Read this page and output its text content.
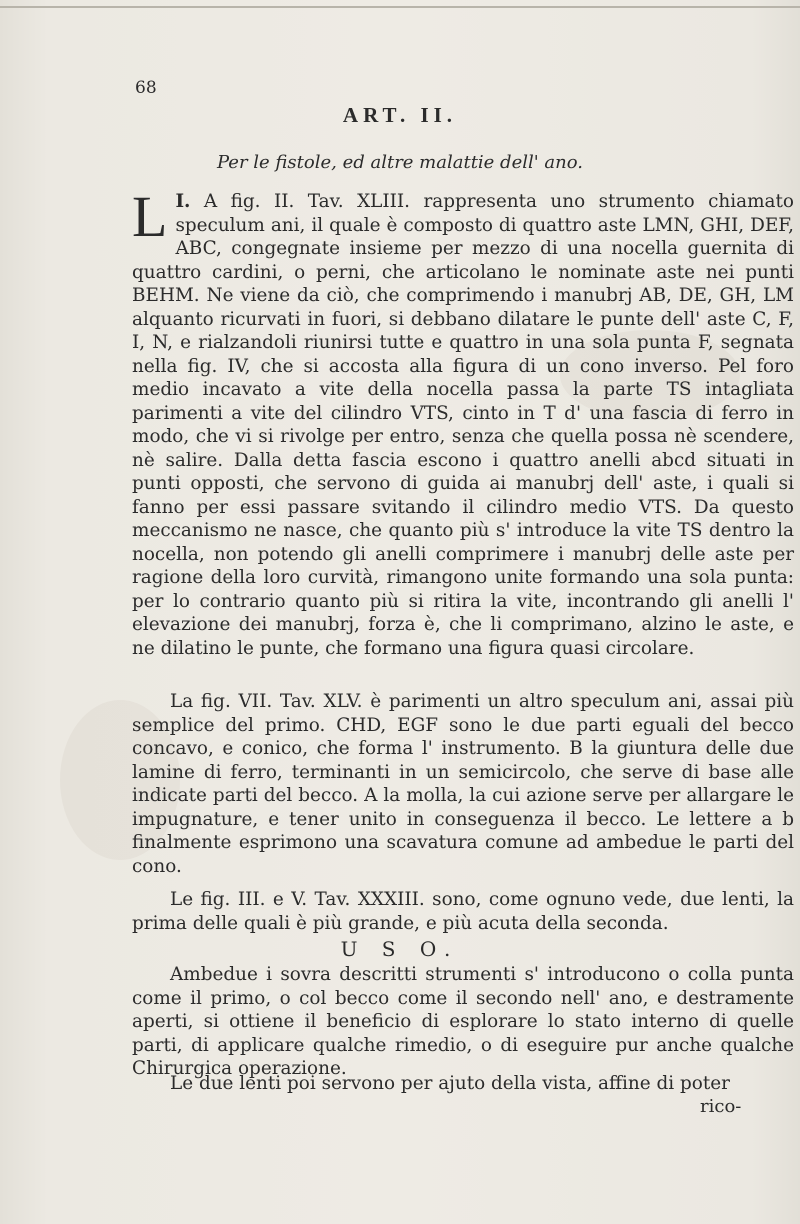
68
ART. II.
Per le fistole, ed altre malattie dell' ano.

I.
L A fig. II. Tav. XLIII. rappresenta uno strumento chiamato speculum ani, il quale è composto di quattro aste LMN, GHI, DEF, ABC, congegnate insieme per mezzo di una nocella guernita di quattro cardini, o perni, che articolano le nominate aste nei punti BEHM. Ne viene da ciò, che comprimendo i manubrj AB, DE, GH, LM alquanto ricurvati in fuori, si debbano dilatare le punte dell' aste C, F, I, N, e rialzandoli riunirsi tutte e quattro in una sola punta F, segnata nella fig. IV, che si accosta alla figura di un cono inverso. Pel foro medio incavato a vite della nocella passa la parte TS intagliata parimenti a vite del cilindro VTS, cinto in T d' una fascia di ferro in modo, che vi si rivolge per entro, senza che quella possa nè scendere, nè salire. Dalla detta fascia escono i quattro anelli abcd situati in punti opposti, che servono di guida ai manubrj dell' aste, i quali si fanno per essi passare svitando il cilindro medio VTS. Da questo meccanismo ne nasce, che quanto più s' introduce la vite TS dentro la nocella, non potendo gli anelli comprimere i manubrj delle aste per ragione della loro curvità, rimangono unite formando una sola punta: per lo contrario quanto più si ritira la vite, incontrando gli anelli l' elevazione dei manubrj, forza è, che li comprimano, alzino le aste, e ne dilatino le punte, che formano una figura quasi circolare.

La fig. VII. Tav. XLV. è parimenti un altro speculum ani, assai più semplice del primo. CHD, EGF sono le due parti eguali del becco concavo, e conico, che forma l' instrumento. B la giuntura delle due lamine di ferro, terminanti in un semicircolo, che serve di base alle indicate parti del becco. A la molla, la cui azione serve per allargare le impugnature, e tener unito in conseguenza il becco. Le lettere a b finalmente esprimono una scavatura comune ad ambedue le parti del cono.

Le fig. III. e V. Tav. XXXIII. sono, come ognuno vede, due lenti, la prima delle quali è più grande, e più acuta della seconda.

U S O.

Ambedue i sovra descritti strumenti s' introducono o colla punta come il primo, o col becco come il secondo nell' ano, e destramente aperti, si ottiene il beneficio di esplorare lo stato interno di quelle parti, di applicare qualche rimedio, o di eseguire pur anche qualche Chirurgica operazione.

Le due lenti poi servono per ajuto della vista, affine di poter

rico-
